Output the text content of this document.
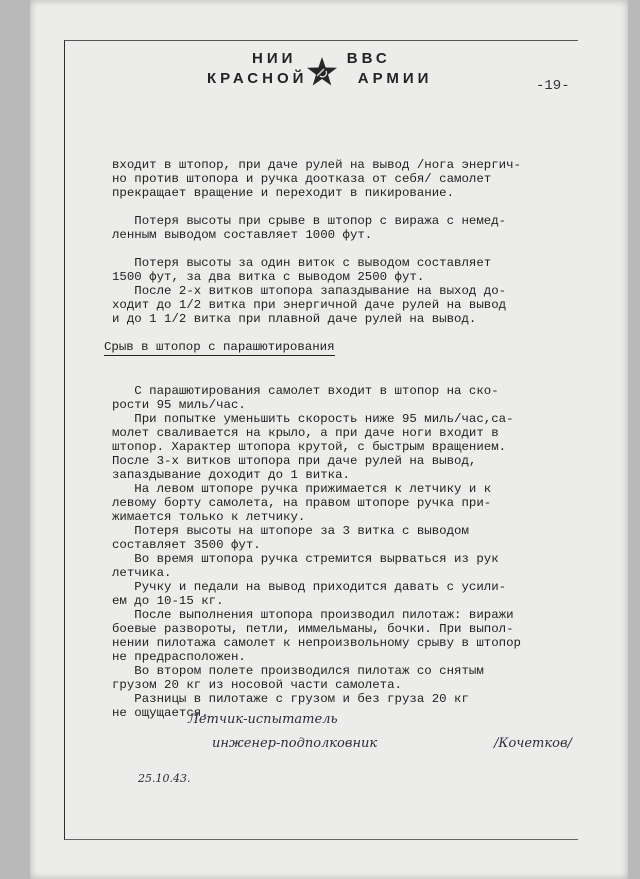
НИИ	ВВС
КРАСНОЙ	АРМИИ	-19-

входит в штопор, при даче рулей на вывод /нога энергич-

но против штопора и ручка доотказа от себя/ самолет

прекращает вращение и переходит в пикирование.

Потеря высоты при срыве в штопор с виража с немед-

ленным выводом составляет 1000 фут.

Потеря высоты за один виток с выводом составляет

1500 фут, за два витка с выводом 2500 фут.

После 2-х витков штопора запаздывание на выход до-

ходит до 1/2 витка при энергичной даче рулей на вывод

и до 1 1/2 витка при плавной даче рулей на вывод.

Срыв в штопор с парашютирования

С парашютирования самолет входит в штопор на ско-

рости 95 миль/час.

При попытке уменьшить скорость ниже 95 миль/час,са-

молет сваливается на крыло, а при даче ноги входит в

штопор. Характер штопора крутой, с быстрым вращением.

После 3-х витков штопора при даче рулей на вывод,

запаздывание доходит до 1 витка.

На левом штопоре ручка прижимается к летчику и к

левому борту самолета, на правом штопоре ручка при-

жимается только к летчику.

Потеря высоты на штопоре за 3 витка с выводом

составляет 3500 фут.

Во время штопора ручка стремится вырваться из рук

летчика.

Ручку и педали на вывод приходится давать с усили-

ем до 10-15 кг.

После выполнения штопора производил пилотаж: виражи

боевые развороты, петли, иммельманы, бочки. При выпол-

нении пилотажа самолет к непроизвольному срыву в штопор

не предрасположен.

Во втором полете производился пилотаж со снятым

грузом 20 кг из носовой части самолета.

Разницы в пилотаже с грузом и без груза 20 кг

не ощущается.

Летчик-испытатель
инженер-подполковник	/Кочетков/
25.10.43.
